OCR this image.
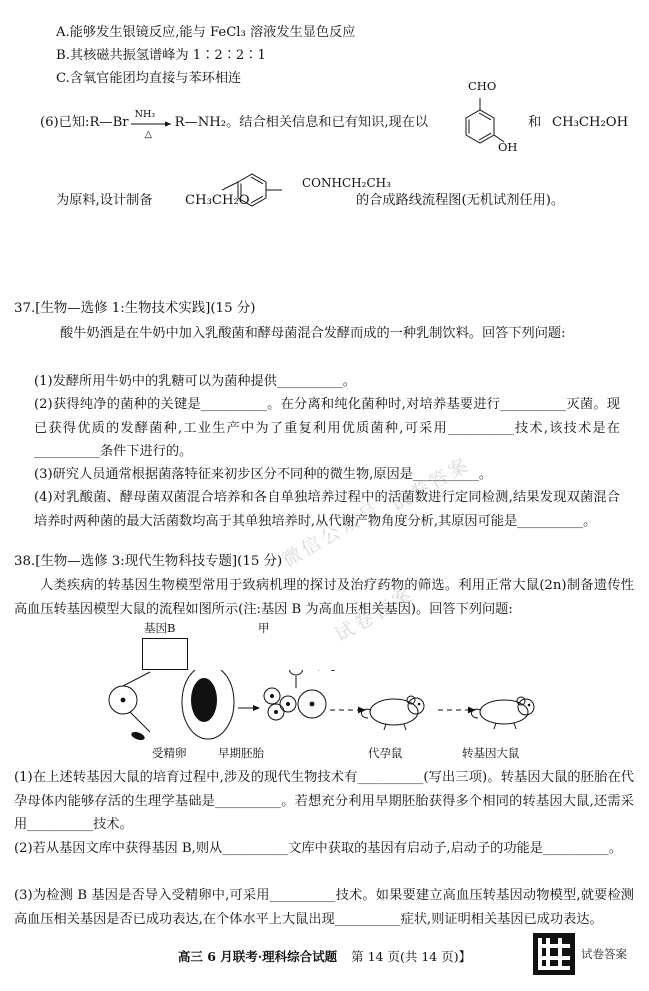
试卷答案
微信公众号
试卷答案
A.能够发生银镜反应,能与 FeCl₃ 溶液发生显色反应
B.其核磁共振氢谱峰为 1∶2∶2∶1
C.含氧官能团均直接与苯环相连
(6)已知: R—Br
NH₃
△
R—NH₂。 结合相关信息和已有知识,现在以
CHO
OH
和 CH₃CH₂OH
为原料,设计制备 CH₃CH₂O
CONHCH₂CH₃
的合成路线流程图(无机试剂任用)。
37.[生物—选修 1:生物技术实践](15 分)
酸牛奶酒是在牛奶中加入乳酸菌和酵母菌混合发酵而成的一种乳制饮料。回答下列问题:
(1)发酵所用牛奶中的乳糖可以为菌种提供__________。
(2)获得纯净的菌种的关键是__________。在分离和纯化菌种时,对培养基要进行__________灭菌。现已获得优质的发酵菌种,工业生产中为了重复利用优质菌种,可采用__________技术,该技术是在__________条件下进行的。
(3)研究人员通常根据菌落特征来初步区分不同种的微生物,原因是__________。
(4)对乳酸菌、酵母菌双菌混合培养和各自单独培养过程中的活菌数进行定同检测,结果发现双菌混合培养时两种菌的最大活菌数均高于其单独培养时,从代谢产物角度分析,其原因可能是__________。
38.[生物—选修 3:现代生物科技专题](15 分)
人类疾病的转基因生物模型常用于致病机理的探讨及治疗药物的筛选。利用正常大鼠(2n)制备遗传性高血压转基因模型大鼠的流程如图所示(注:基因 B 为高血压相关基因)。回答下列问题:
基因B	甲
受精卵	早期胚胎	代孕鼠	转基因大鼠
(1)在上述转基因大鼠的培育过程中,涉及的现代生物技术有__________(写出三项)。转基因大鼠的胚胎在代孕母体内能够存活的生理学基础是__________。若想充分利用早期胚胎获得多个相同的转基因大鼠,还需采用__________技术。
(2)若从基因文库中获得基因 B,则从__________文库中获取的基因有启动子,启动子的功能是__________。
(3)为检测 B 基因是否导入受精卵中,可采用__________技术。如果要建立高血压转基因动物模型,就要检测高血压相关基因是否已成功表达,在个体水平上大鼠出现__________症状,则证明相关基因已成功表达。
高三 6 月联考·理科综合试题 第 14 页(共 14 页)】	试卷答案
